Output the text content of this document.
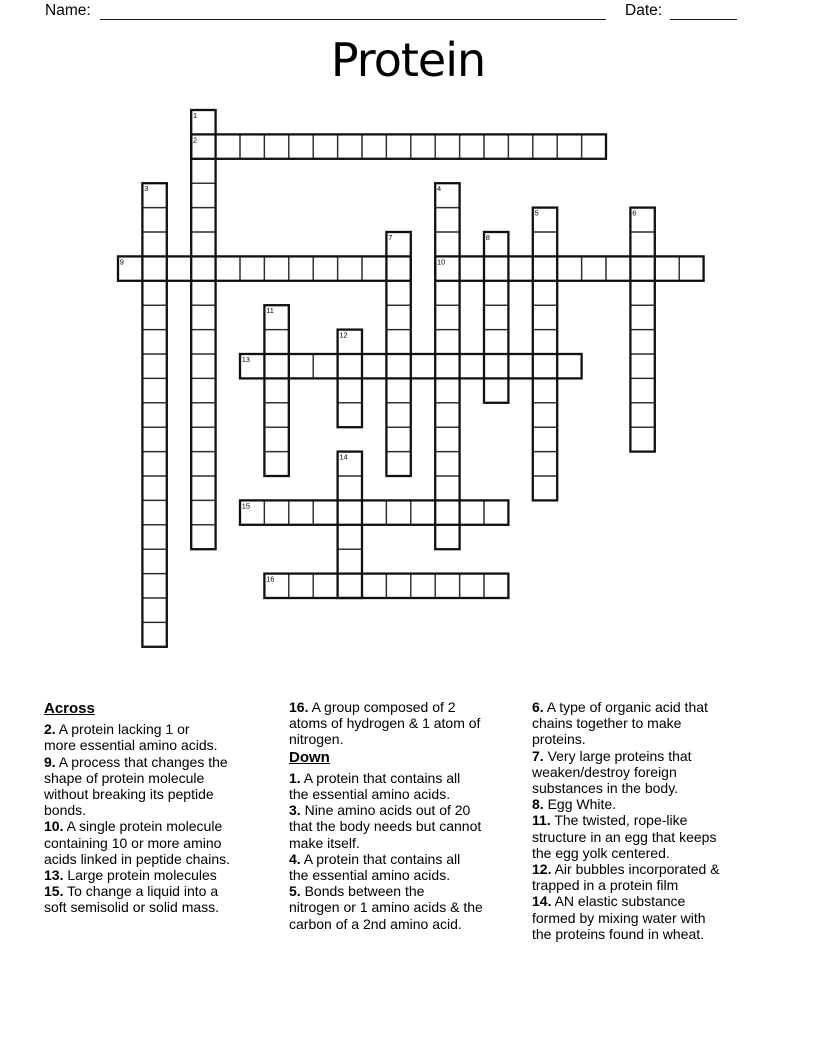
Name:	Date:
Protein
2
9	10
13
15
16
1
3	4
5	6
7	8
11
12
14
Across

2. A protein lacking 1 or
more essential amino acids.

9. A process that changes the
shape of protein molecule
without breaking its peptide
bonds.

10. A single protein molecule
containing 10 or more amino
acids linked in peptide chains.

13. Large protein molecules

15. To change a liquid into a
soft semisolid or solid mass.

16. A group composed of 2
atoms of hydrogen & 1 atom of
nitrogen.

Down

1. A protein that contains all
the essential amino acids.

3. Nine amino acids out of 20
that the body needs but cannot
make itself.

4. A protein that contains all
the essential amino acids.

5. Bonds between the
nitrogen or 1 amino acids & the
carbon of a 2nd amino acid.

6. A type of organic acid that
chains together to make
proteins.

7. Very large proteins that
weaken/destroy foreign
substances in the body.

8. Egg White.

11. The twisted, rope-like
structure in an egg that keeps
the egg yolk centered.

12. Air bubbles incorporated &
trapped in a protein film

14. AN elastic substance
formed by mixing water with
the proteins found in wheat.
